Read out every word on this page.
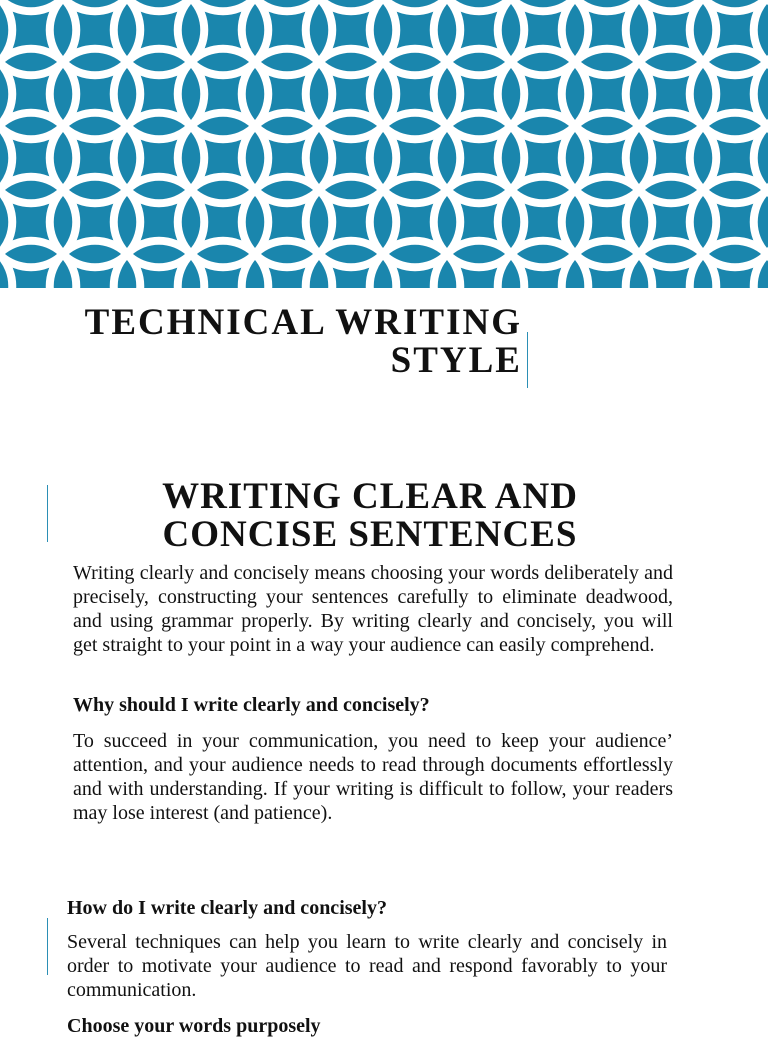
TECHNICAL WRITING
STYLE
WRITING CLEAR AND
CONCISE SENTENCES

Writing clearly and concisely means choosing your words deliberately and precisely, constructing your sentences carefully to eliminate deadwood, and using grammar properly. By writing clearly and concisely, you will get straight to your point in a way your audience can easily comprehend.

Why should I write clearly and concisely?

To succeed in your communication, you need to keep your audience’ attention, and your audience needs to read through documents effortlessly and with understanding. If your writing is difficult to follow, your readers may lose interest (and patience).

How do I write clearly and concisely?

Several techniques can help you learn to write clearly and concisely in order to motivate your audience to read and respond favorably to your communication.

Choose your words purposely
